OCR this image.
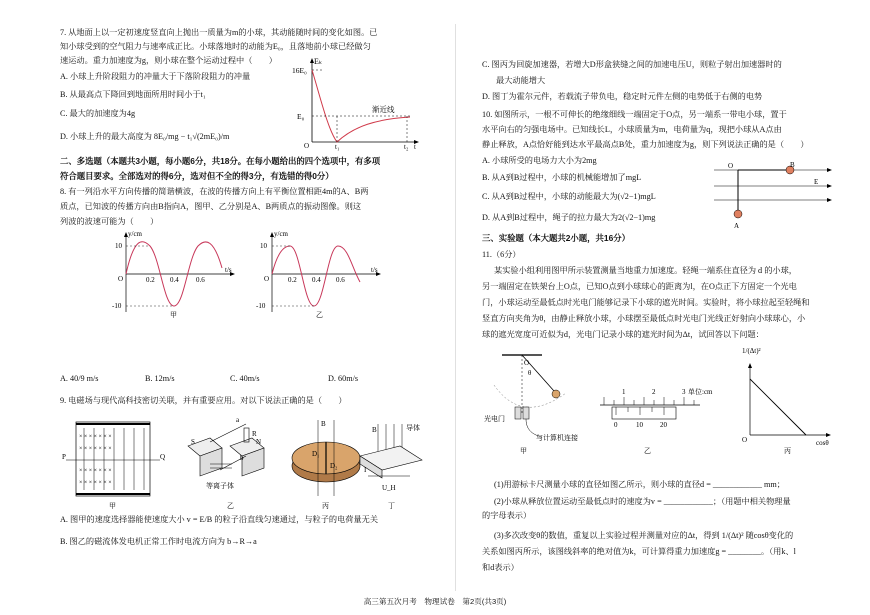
7. 从地面上以一定初速度竖直向上抛出一质量为m的小球，其动能随时间的变化如图。已
知小球受到的空气阻力与速率成正比。小球落地时的动能为E₀，且落地前小球已经做匀
速运动。重力加速度为g，则小球在整个运动过程中（　　）
A. 小球上升阶段阻力的冲量大于下落阶段阻力的冲量
B. 从最高点下降回到地面所用时间小于t₁
C. 最大的加速度为4g
D. 小球上升的最大高度为 8E₀/mg − t₁√(2mE₀)/m
Eₖ
16E₀
E₀
渐近线
O	t₁	t₂ t
二、多选题（本题共3小题，每小题6分，共18分。在每小题给出的四个选项中，有多项
符合题目要求。全部选对的得6分，选对但不全的得3分，有选错的得0分）
8. 有一列沿水平方向传播的简谐横波，在波的传播方向上有平衡位置相距4m的A、B两
质点，已知波的传播方向由B指向A，图甲、乙分别是A、B两质点的振动图像。则这
列波的波速可能为（　　）
y/cm
10
-10
O	0.2 0.4 0.6
t/s
甲
y/cm
10
-10
O	0.2 0.4 0.6
t/s
乙
A. 40/9 m/s	B. 12m/s	C. 40m/s	D. 60m/s
9. 电磁场与现代高科技密切关联，并有重要应用。对以下说法正确的是（　　）
× × × × × × ×
× × × × × × ×
× × × × × × ×
× × × × × × ×
P	Q
甲
S	N
a
R
b
等离子体
乙
D₁
D₂
B
丙
B	导体
I
U_H
丁
A. 图甲的速度选择器能使速度大小 v = E/B 的粒子沿直线匀速通过，与粒子的电荷量无关
B. 图乙的磁流体发电机正常工作时电流方向为 b→R→a
C. 图丙为回旋加速器，若增大D形盒狭缝之间的加速电压U，则粒子射出加速器时的
最大动能增大
D. 图丁为霍尔元件，若载流子带负电，稳定时元件左侧的电势低于右侧的电势
10. 如图所示，一根不可伸长的绝缘细线一端固定于O点，另一端系一带电小球，置于
水平向右的匀强电场中。已知线长L，小球质量为m，电荷量为q，现把小球从A点由
静止释放，A点恰好能到达水平最高点B处，重力加速度为g，则下列说法正确的是（　　）
A. 小球所受的电场力大小为2mg
B. 从A到B过程中，小球的机械能增加了mgL
C. 从A到B过程中，小球的动能最大为(√2−1)mgL
D. 从A到B过程中，绳子的拉力最大为2(√2−1)mg
O	B
E
A
三、实验题（本大题共2小题，共16分）
11.（6分）
某实验小组利用图甲所示装置测量当地重力加速度。轻绳一端系住直径为 d 的小球，
另一端固定在铁架台上O点，已知O点到小球球心的距离为l，在O点正下方固定一个光电
门，小球运动至最低点时光电门能够记录下小球的遮光时间。实验时，将小球拉起至轻绳和
竖直方向夹角为θ，由静止释放小球，小球摆至最低点时光电门光线正好射向小球球心，小
球的遮光宽度可近似为d，光电门记录小球的遮光时间为Δt，试回答以下问题：
O
θ
光电门
与计算机连接
甲
1	2	3 单位:cm
0	10 20
乙
1/(Δt)²
O	cosθ
丙
(1)用游标卡尺测量小球的直径如图乙所示，则小球的直径d = ____________ mm；
(2)小球从释放位置运动至最低点时的速度为v = ____________；（用题中相关物理量
的字母表示）
(3)多次改变θ的数值，重复以上实验过程并测量对应的Δt，得到 1/(Δt)² 随cosθ变化的
关系如图丙所示，该图线斜率的绝对值为k，可计算得重力加速度g = ________。（用k、l
和d表示）
高三第五次月考　物理试卷　第2页(共3页)
